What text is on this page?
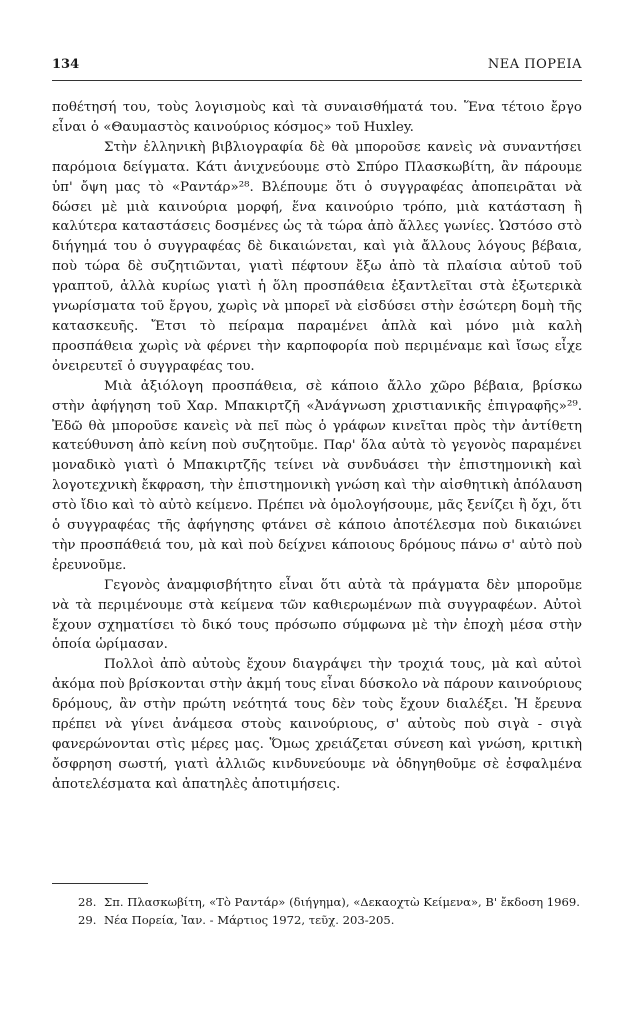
134	ΝΕΑ ΠΟΡΕΙΑ

ποθέτησή του, τοὺς λογισμοὺς καὶ τὰ συναισθήματά του. Ἕνα τέτοιο ἔργο εἶναι ὁ «Θαυμαστὸς καινούριος κόσμος» τοῦ Huxley.

Στὴν ἑλληνικὴ βιβλιογραφία δὲ θὰ μποροῦσε κανεὶς νὰ συναντήσει παρόμοια δείγματα. Κάτι ἀνιχνεύουμε στὸ Σπύρο Πλασκωβίτη, ἂν πάρουμε ὑπ' ὄψη μας τὸ «Ραντάρ»²⁸. Βλέπουμε ὅτι ὁ συγγραφέας ἀποπειρᾶται νὰ δώσει μὲ μιὰ καινούρια μορφή, ἕνα καινούριο τρόπο, μιὰ κατάσταση ἢ καλύτερα καταστάσεις δοσμένες ὡς τὰ τώρα ἀπὸ ἄλλες γωνίες. Ὡστόσο στὸ διήγημά του ὁ συγγραφέας δὲ δικαιώνεται, καὶ γιὰ ἄλλους λόγους βέβαια, ποὺ τώρα δὲ συζητιῶνται, γιατὶ πέφτουν ἔξω ἀπὸ τὰ πλαίσια αὐτοῦ τοῦ γραπτοῦ, ἀλλὰ κυρίως γιατὶ ἡ ὅλη προσπάθεια ἐξαντλεῖται στὰ ἐξωτερικὰ γνωρίσματα τοῦ ἔργου, χωρὶς νὰ μπορεῖ νὰ εἰσδύσει στὴν ἐσώτερη δομὴ τῆς κατασκευῆς. Ἔτσι τὸ πείραμα παραμένει ἁπλὰ καὶ μόνο μιὰ καλὴ προσπάθεια χωρὶς νὰ φέρνει τὴν καρποφορία ποὺ περιμέναμε καὶ ἴσως εἶχε ὀνειρευτεῖ ὁ συγγραφέας του.

Μιὰ ἀξιόλογη προσπάθεια, σὲ κάποιο ἄλλο χῶρο βέβαια, βρίσκω στὴν ἀφήγηση τοῦ Χαρ. Μπακιρτζῆ «Ἀνάγνωση χριστιανικῆς ἐπιγραφῆς»²⁹. Ἐδῶ θὰ μποροῦσε κανεὶς νὰ πεῖ πὼς ὁ γράφων κινεῖται πρὸς τὴν ἀντίθετη κατεύθυνση ἀπὸ κείνη ποὺ συζητοῦμε. Παρ' ὅλα αὐτὰ τὸ γεγονὸς παραμένει μοναδικὸ γιατὶ ὁ Μπακιρτζῆς τείνει νὰ συνδυάσει τὴν ἐπιστημονικὴ καὶ λογοτεχνικὴ ἔκφραση, τὴν ἐπιστημονικὴ γνώση καὶ τὴν αἰσθητικὴ ἀπόλαυση στὸ ἴδιο καὶ τὸ αὐτὸ κείμενο. Πρέπει νὰ ὁμολογήσουμε, μᾶς ξενίζει ἢ ὄχι, ὅτι ὁ συγγραφέας τῆς ἀφήγησης φτάνει σὲ κάποιο ἀποτέλεσμα ποὺ δικαιώνει τὴν προσπάθειά του, μὰ καὶ ποὺ δείχνει κάποιους δρόμους πάνω σ' αὐτὸ ποὺ ἐρευνοῦμε.

Γεγονὸς ἀναμφισβήτητο εἶναι ὅτι αὐτὰ τὰ πράγματα δὲν μποροῦμε νὰ τὰ περιμένουμε στὰ κείμενα τῶν καθιερωμένων πιὰ συγγραφέων. Αὐτοὶ ἔχουν σχηματίσει τὸ δικό τους πρόσωπο σύμφωνα μὲ τὴν ἐποχὴ μέσα στὴν ὁποία ὡρίμασαν.

Πολλοὶ ἀπὸ αὐτοὺς ἔχουν διαγράψει τὴν τροχιά τους, μὰ καὶ αὐτοὶ ἀκόμα ποὺ βρίσκονται στὴν ἀκμή τους εἶναι δύσκολο νὰ πάρουν καινούριους δρόμους, ἂν στὴν πρώτη νεότητά τους δὲν τοὺς ἔχουν διαλέξει. Ἡ ἔρευνα πρέπει νὰ γίνει ἀνάμεσα στοὺς καινούριους, σ' αὐτοὺς ποὺ σιγὰ - σιγὰ φανερώνονται στὶς μέρες μας. Ὅμως χρειάζεται σύνεση καὶ γνώση, κριτικὴ ὄσφρηση σωστή, γιατὶ ἀλλιῶς κινδυνεύουμε νὰ ὁδηγηθοῦμε σὲ ἐσφαλμένα ἀποτελέσματα καὶ ἀπατηλὲς ἀποτιμήσεις.

28. Σπ. Πλασκωβίτη, «Τὸ Ραντάρ» (διήγημα), «Δεκαοχτὼ Κείμενα», Β' ἔκδοση 1969.

29. Νέα Πορεία, Ἰαν. - Μάρτιος 1972, τεῦχ. 203-205.
